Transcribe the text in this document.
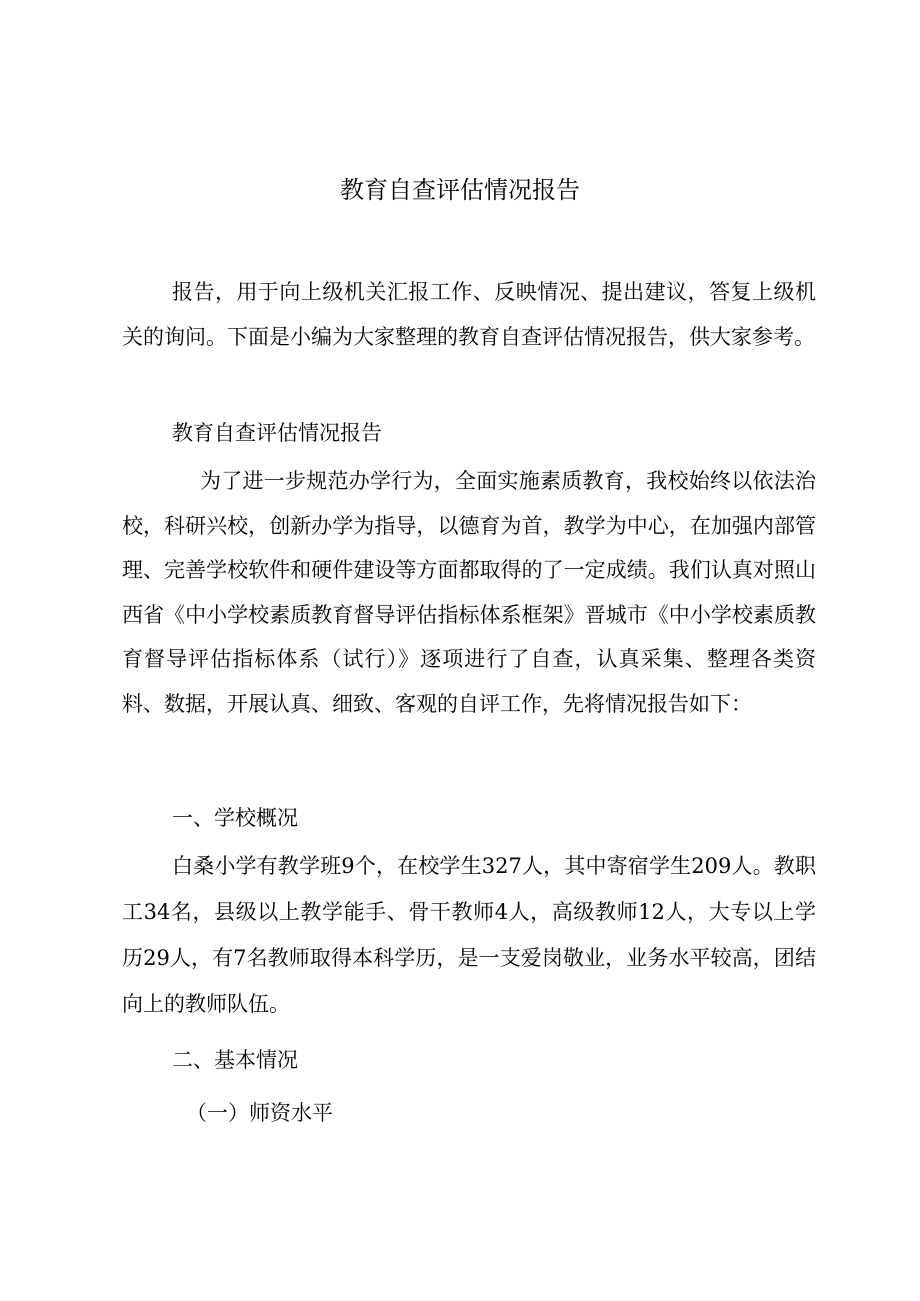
教育自查评估情况报告

报告，用于向上级机关汇报工作、反映情况、提出建议，答复上级机关的询问。下面是小编为大家整理的教育自查评估情况报告，供大家参考。

教育自查评估情况报告

为了进一步规范办学行为，全面实施素质教育，我校始终以依法治校，科研兴校，创新办学为指导，以德育为首，教学为中心，在加强内部管理、完善学校软件和硬件建设等方面都取得的了一定成绩。我们认真对照山西省《中小学校素质教育督导评估指标体系框架》晋城市《中小学校素质教育督导评估指标体系（试行）》逐项进行了自查，认真采集、整理各类资料、数据，开展认真、细致、客观的自评工作，先将情况报告如下：

一、学校概况

白桑小学有教学班9个，在校学生327人，其中寄宿学生209人。教职工34名，县级以上教学能手、骨干教师4人，高级教师12人，大专以上学历29人，有7名教师取得本科学历，是一支爱岗敬业，业务水平较高，团结向上的教师队伍。

二、基本情况

（一）师资水平
